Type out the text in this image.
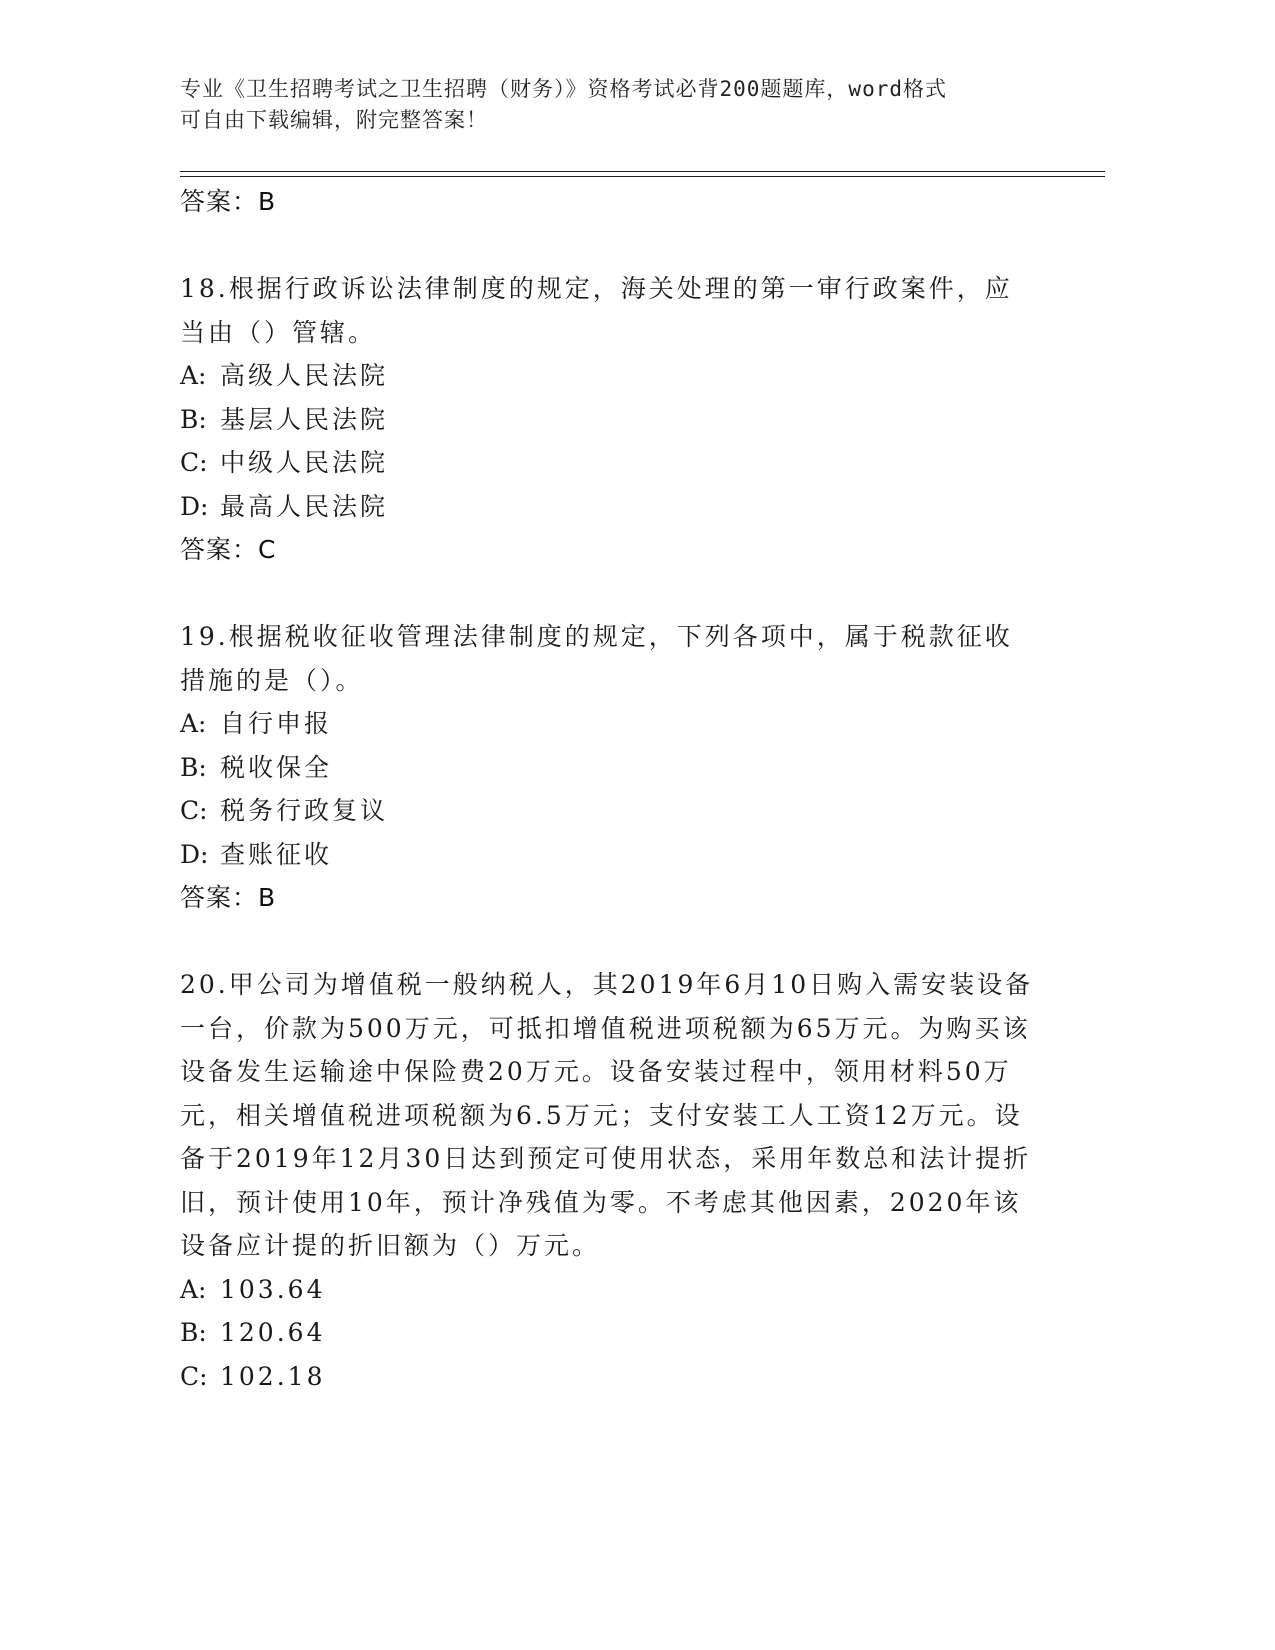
专业《卫生招聘考试之卫生招聘（财务）》资格考试必背200题题库，word格式
可自由下载编辑，附完整答案！
答案：B
18.根据行政诉讼法律制度的规定，海关处理的第一审行政案件，应当由（）管辖。
A: 高级人民法院
B: 基层人民法院
C: 中级人民法院
D: 最高人民法院
答案：C
19.根据税收征收管理法律制度的规定，下列各项中，属于税款征收措施的是（）。
A: 自行申报
B: 税收保全
C: 税务行政复议
D: 查账征收
答案：B
20.甲公司为增值税一般纳税人，其2019年6月10日购入需安装设备一台，价款为500万元，可抵扣增值税进项税额为65万元。为购买该设备发生运输途中保险费20万元。设备安装过程中，领用材料50万元，相关增值税进项税额为6.5万元；支付安装工人工资12万元。设备于2019年12月30日达到预定可使用状态，采用年数总和法计提折旧，预计使用10年，预计净残值为零。不考虑其他因素，2020年该设备应计提的折旧额为（）万元。
A: 103.64
B: 120.64
C: 102.18
